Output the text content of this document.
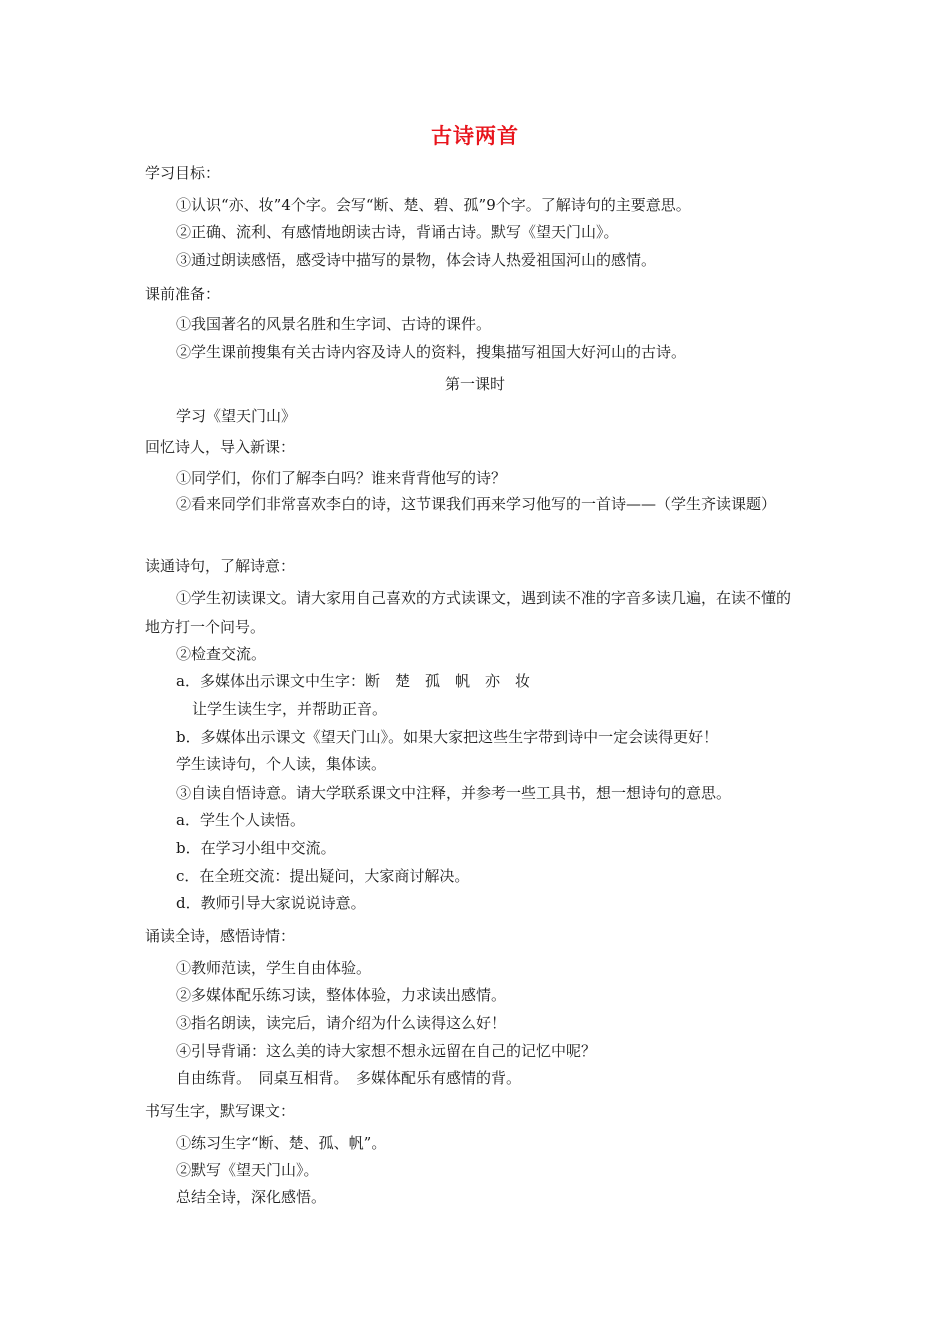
古诗两首
学习目标：
①认识“亦、妆”4个字。会写“断、楚、碧、孤”9个字。了解诗句的主要意思。
②正确、流利、有感情地朗读古诗，背诵古诗。默写《望天门山》。
③通过朗读感悟，感受诗中描写的景物，体会诗人热爱祖国河山的感情。
课前准备：
①我国著名的风景名胜和生字词、古诗的课件。
②学生课前搜集有关古诗内容及诗人的资料，搜集描写祖国大好河山的古诗。
第一课时
学习《望天门山》
回忆诗人，导入新课：
①同学们，你们了解李白吗？谁来背背他写的诗？
②看来同学们非常喜欢李白的诗，这节课我们再来学习他写的一首诗——（学生齐读课题）
读通诗句，了解诗意：
①学生初读课文。请大家用自己喜欢的方式读课文，遇到读不准的字音多读几遍，在读不懂的地方打一个问号。
②检查交流。
a．多媒体出示课文中生字：断　楚　孤　帆　亦　妆
让学生读生字，并帮助正音。
b．多媒体出示课文《望天门山》。如果大家把这些生字带到诗中一定会读得更好！
学生读诗句，个人读，集体读。
③自读自悟诗意。请大学联系课文中注释，并参考一些工具书，想一想诗句的意思。
a．学生个人读悟。
b．在学习小组中交流。
c．在全班交流：提出疑问，大家商讨解决。
d．教师引导大家说说诗意。
诵读全诗，感悟诗情：
①教师范读，学生自由体验。
②多媒体配乐练习读，整体体验，力求读出感情。
③指名朗读，读完后，请介绍为什么读得这么好！
④引导背诵：这么美的诗大家想不想永远留在自己的记忆中呢？
自由练背。　同桌互相背。　多媒体配乐有感情的背。
书写生字，默写课文：
①练习生字“断、楚、孤、帆”。
②默写《望天门山》。
总结全诗，深化感悟。
